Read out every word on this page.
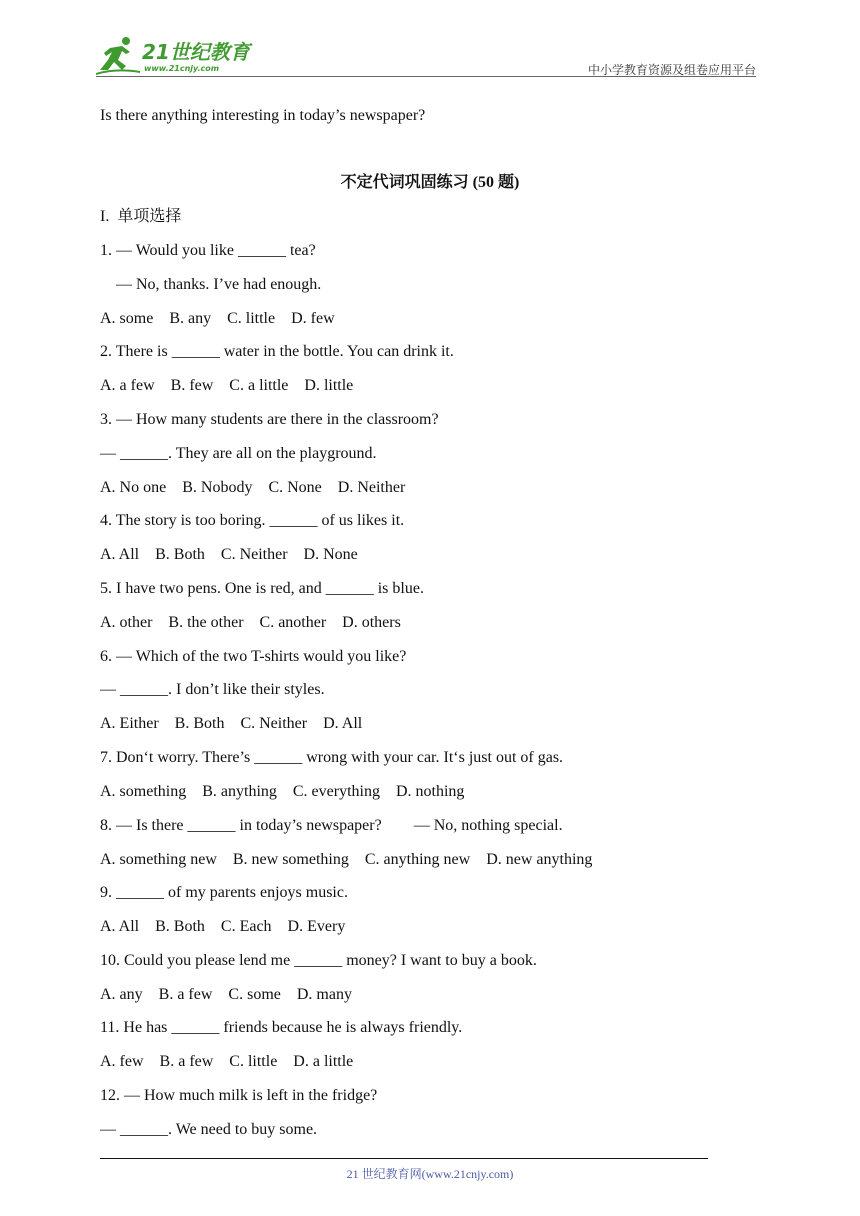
21世纪教育
www.21cnjy.com	中小学教育资源及组卷应用平台
Is there anything interesting in today’s newspaper?
不定代词巩固练习 (50 题)
I.  单项选择
1. — Would you like ______ tea?
— No, thanks. I’ve had enough.
A. some    B. any    C. little    D. few
2. There is ______ water in the bottle. You can drink it.
A. a few    B. few    C. a little    D. little
3. — How many students are there in the classroom?
— ______. They are all on the playground.
A. No one    B. Nobody    C. None    D. Neither
4. The story is too boring. ______ of us likes it.
A. All    B. Both    C. Neither    D. None
5. I have two pens. One is red, and ______ is blue.
A. other    B. the other    C. another    D. others
6. — Which of the two T-shirts would you like?
— ______. I don’t like their styles.
A. Either    B. Both    C. Neither    D. All
7. Don‘t worry. There’s ______ wrong with your car. It‘s just out of gas.
A. something    B. anything    C. everything    D. nothing
8. — Is there ______ in today’s newspaper?        — No, nothing special.
A. something new    B. new something    C. anything new    D. new anything
9. ______ of my parents enjoys music.
A. All    B. Both    C. Each    D. Every
10. Could you please lend me ______ money? I want to buy a book.
A. any    B. a few    C. some    D. many
11. He has ______ friends because he is always friendly.
A. few    B. a few    C. little    D. a little
12. — How much milk is left in the fridge?
— ______. We need to buy some.
21 世纪教育网(www.21cnjy.com)
